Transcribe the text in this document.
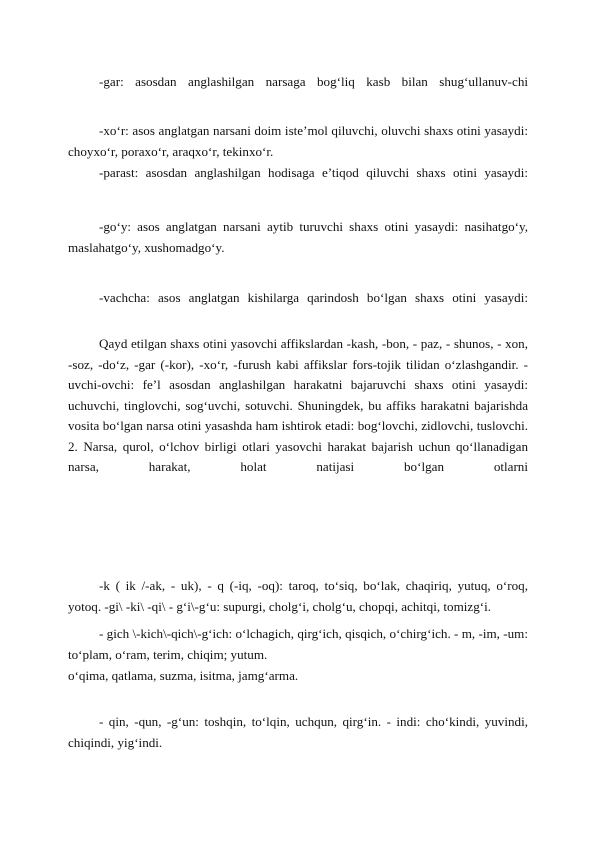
-gar: asosdan anglashilgan narsaga bog‘liq kasb bilan shug‘ullanuv-chi

-xo‘r: asos anglatgan narsani doim iste’mol qiluvchi, oluvchi shaxs otini yasaydi: choyxo‘r, poraxo‘r, araqxo‘r, tekinxo‘r.

-parast: asosdan anglashilgan hodisaga e’tiqod qiluvchi shaxs otini yasaydi:

-go‘y: asos anglatgan narsani aytib turuvchi shaxs otini yasaydi: nasihatgo‘y, maslahatgo‘y, xushomadgo‘y.

-vachcha: asos anglatgan kishilarga qarindosh bo‘lgan shaxs otini yasaydi:

Qayd etilgan shaxs otini yasovchi affikslardan -kash, -bon, - paz, - shunos, - xon, -soz, -do‘z, -gar (-kor), -xo‘r, -furush kabi affikslar fors-tojik tilidan o‘zlashgandir. -uvchi-ovchi: fe’l asosdan anglashilgan harakatni bajaruvchi shaxs otini yasaydi: uchuvchi, tinglovchi, sog‘uvchi, sotuvchi. Shuningdek, bu affiks harakatni bajarishda vosita bo‘lgan narsa otini yasashda ham ishtirok etadi: bog‘lovchi, zidlovchi, tuslovchi. 2. Narsa, qurol, o‘lchov birligi otlari yasovchi harakat bajarish uchun qo‘llanadigan narsa, harakat, holat natijasi bo‘lgan otlarni

-k ( ik /-ak, - uk), - q (-iq, -oq): taroq, to‘siq, bo‘lak, chaqiriq, yutuq, o‘roq, yotoq. -gi\ -ki\ -qi\ - g‘i\-g‘u: supurgi, cholg‘i, cholg‘u, chopqi, achitqi, tomizg‘i.

- gich \-kich\-qich\-g‘ich: o‘lchagich, qirg‘ich, qisqich, o‘chirg‘ich. - m, -im, -um: to‘plam, o‘ram, terim, chiqim; yutum.

o‘qima, qatlama, suzma, isitma, jamg‘arma.

- qin, -qun, -g‘un: toshqin, to‘lqin, uchqun, qirg‘in. - indi: cho‘kindi, yuvindi, chiqindi, yig‘indi.
